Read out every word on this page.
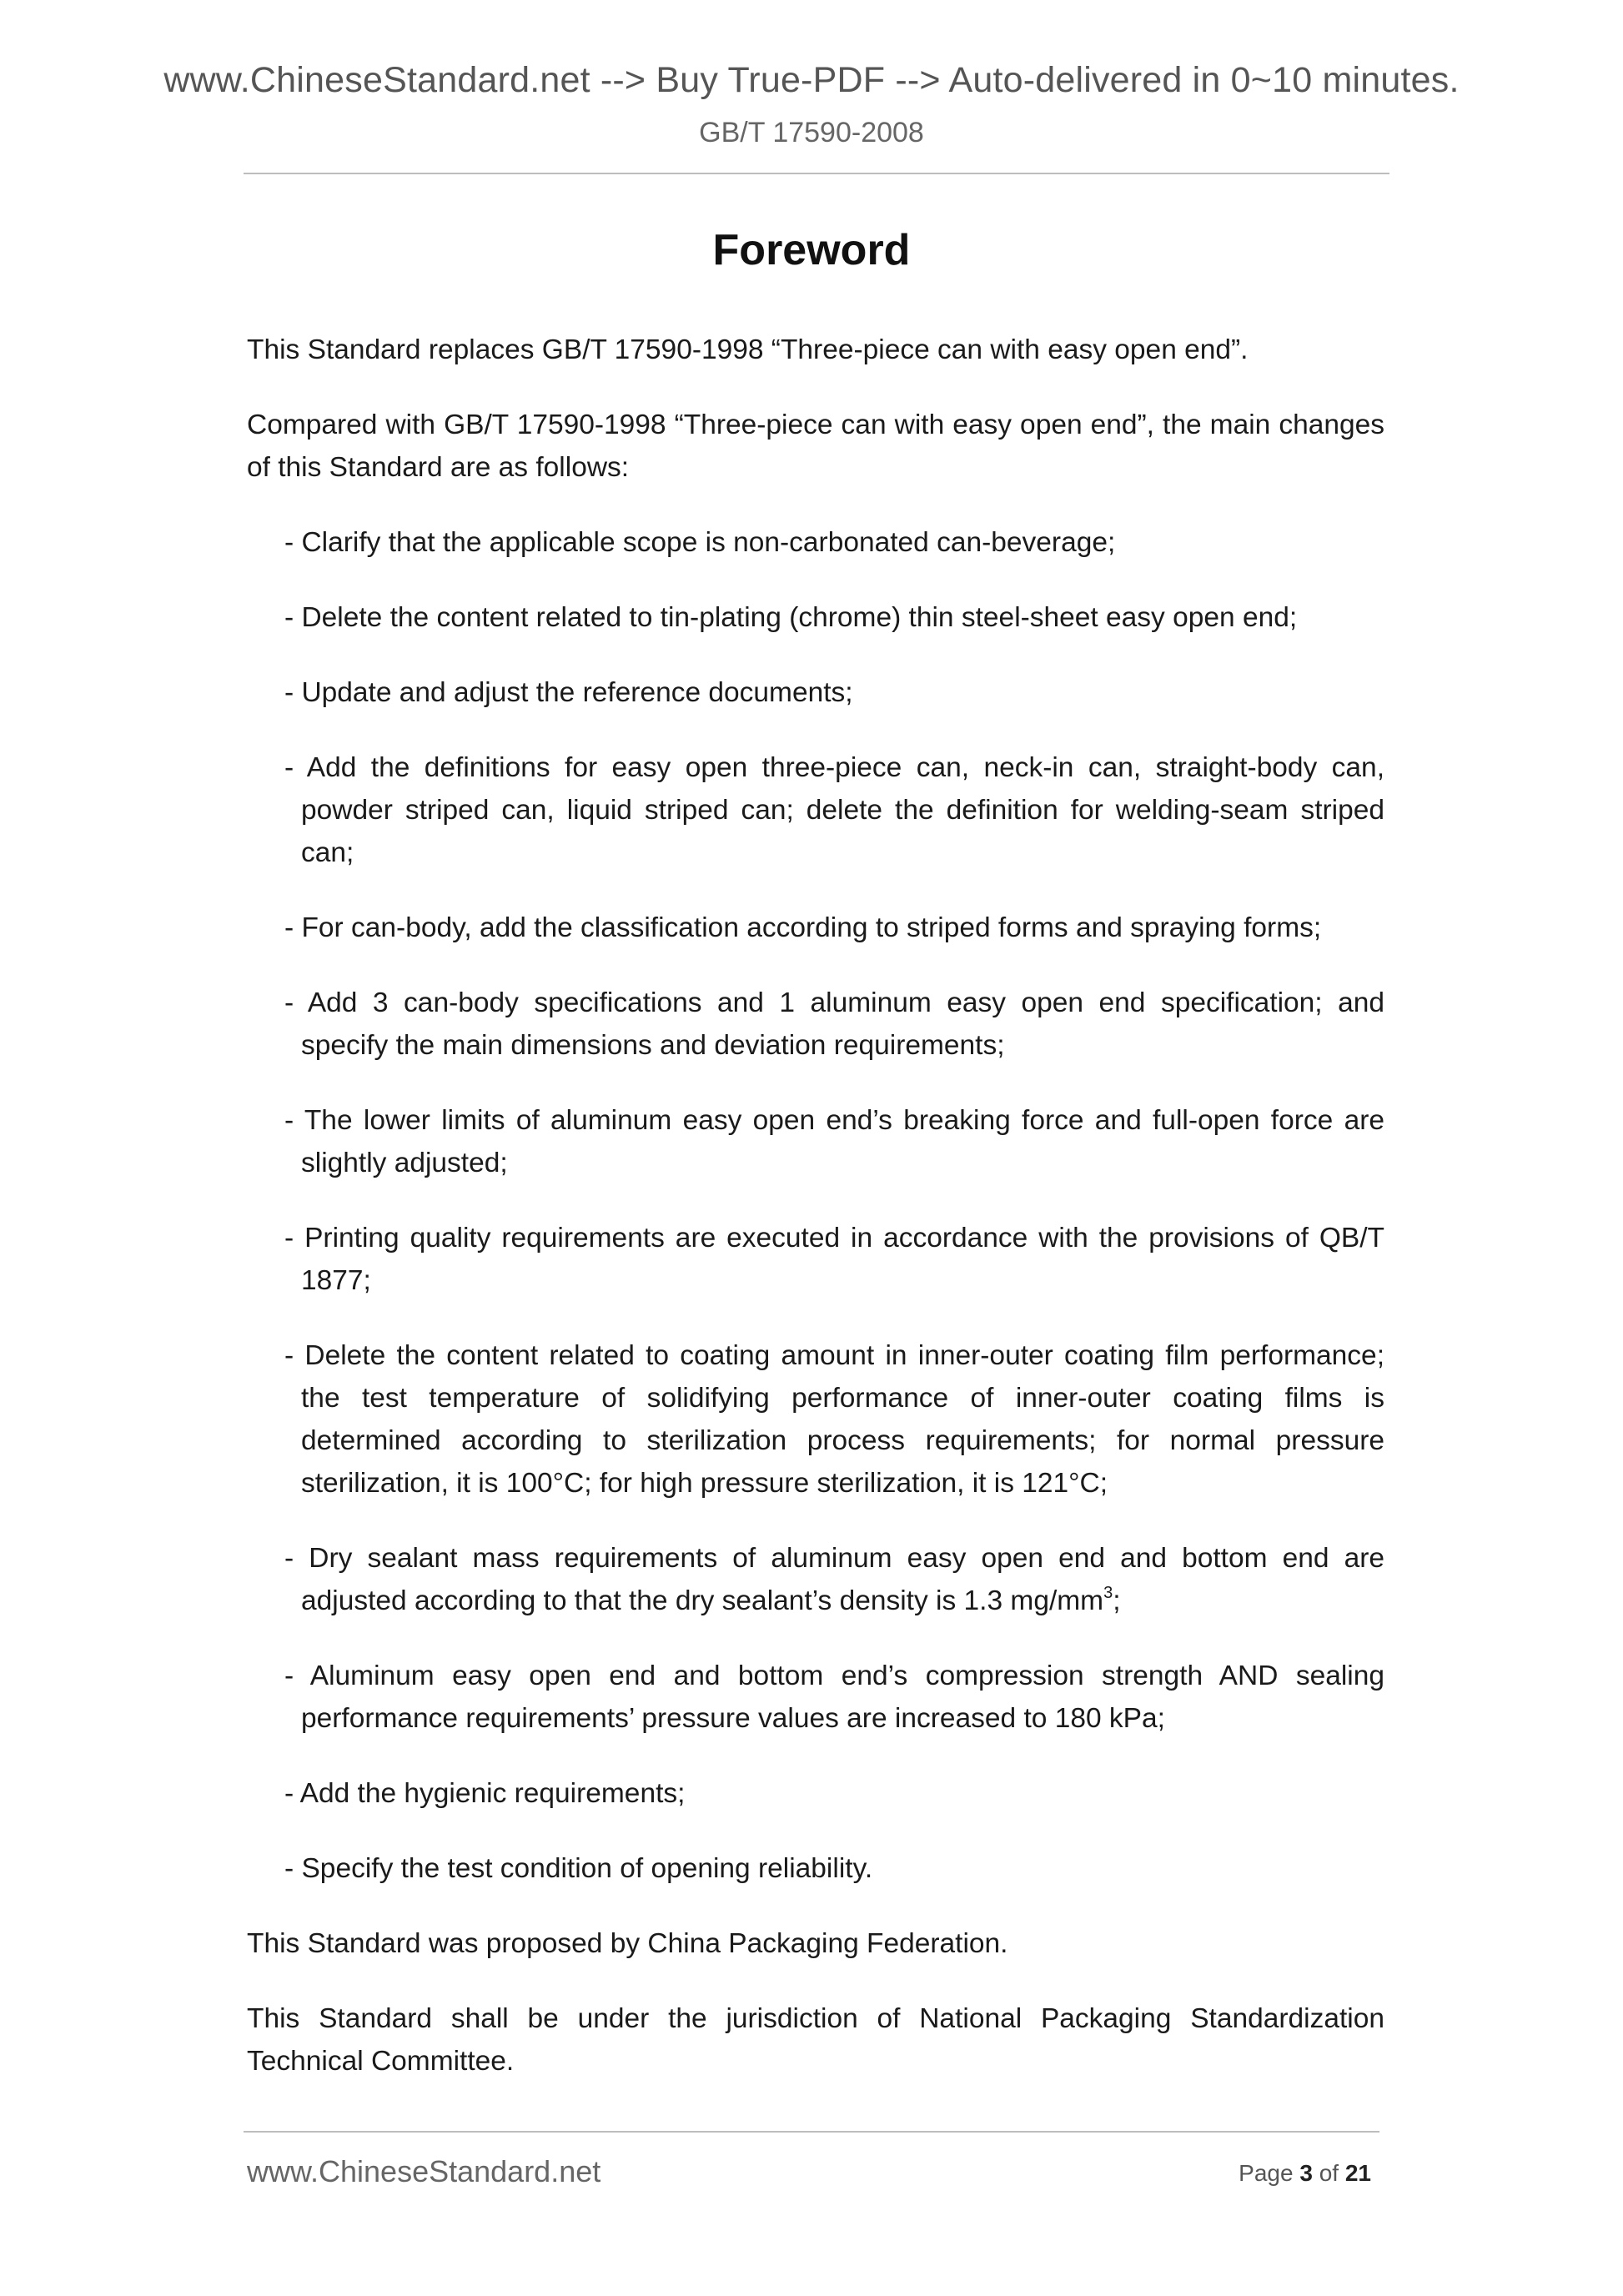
www.ChineseStandard.net --> Buy True-PDF --> Auto-delivered in 0~10 minutes.
GB/T 17590-2008
Foreword

This Standard replaces GB/T 17590-1998 “Three-piece can with easy open end”.

Compared with GB/T 17590-1998 “Three-piece can with easy open end”, the main changes of this Standard are as follows:

- Clarify that the applicable scope is non-carbonated can-beverage;

- Delete the content related to tin-plating (chrome) thin steel-sheet easy open end;

- Update and adjust the reference documents;

- Add the definitions for easy open three-piece can, neck-in can, straight-body can, powder striped can, liquid striped can; delete the definition for welding-seam striped can;

- For can-body, add the classification according to striped forms and spraying forms;

- Add 3 can-body specifications and 1 aluminum easy open end specification; and specify the main dimensions and deviation requirements;

- The lower limits of aluminum easy open end’s breaking force and full-open force are slightly adjusted;

- Printing quality requirements are executed in accordance with the provisions of QB/T 1877;

- Delete the content related to coating amount in inner-outer coating film performance; the test temperature of solidifying performance of inner-outer coating films is determined according to sterilization process requirements; for normal pressure sterilization, it is 100°C; for high pressure sterilization, it is 121°C;

- Dry sealant mass requirements of aluminum easy open end and bottom end are adjusted according to that the dry sealant’s density is 1.3 $mg/mm^3$;

- Aluminum easy open end and bottom end’s compression strength AND sealing performance requirements’ pressure values are increased to 180 kPa;

- Add the hygienic requirements;

- Specify the test condition of opening reliability.

This Standard was proposed by China Packaging Federation.

This Standard shall be under the jurisdiction of National Packaging Standardization Technical Committee.

www.ChineseStandard.net	Page 3 of 21
